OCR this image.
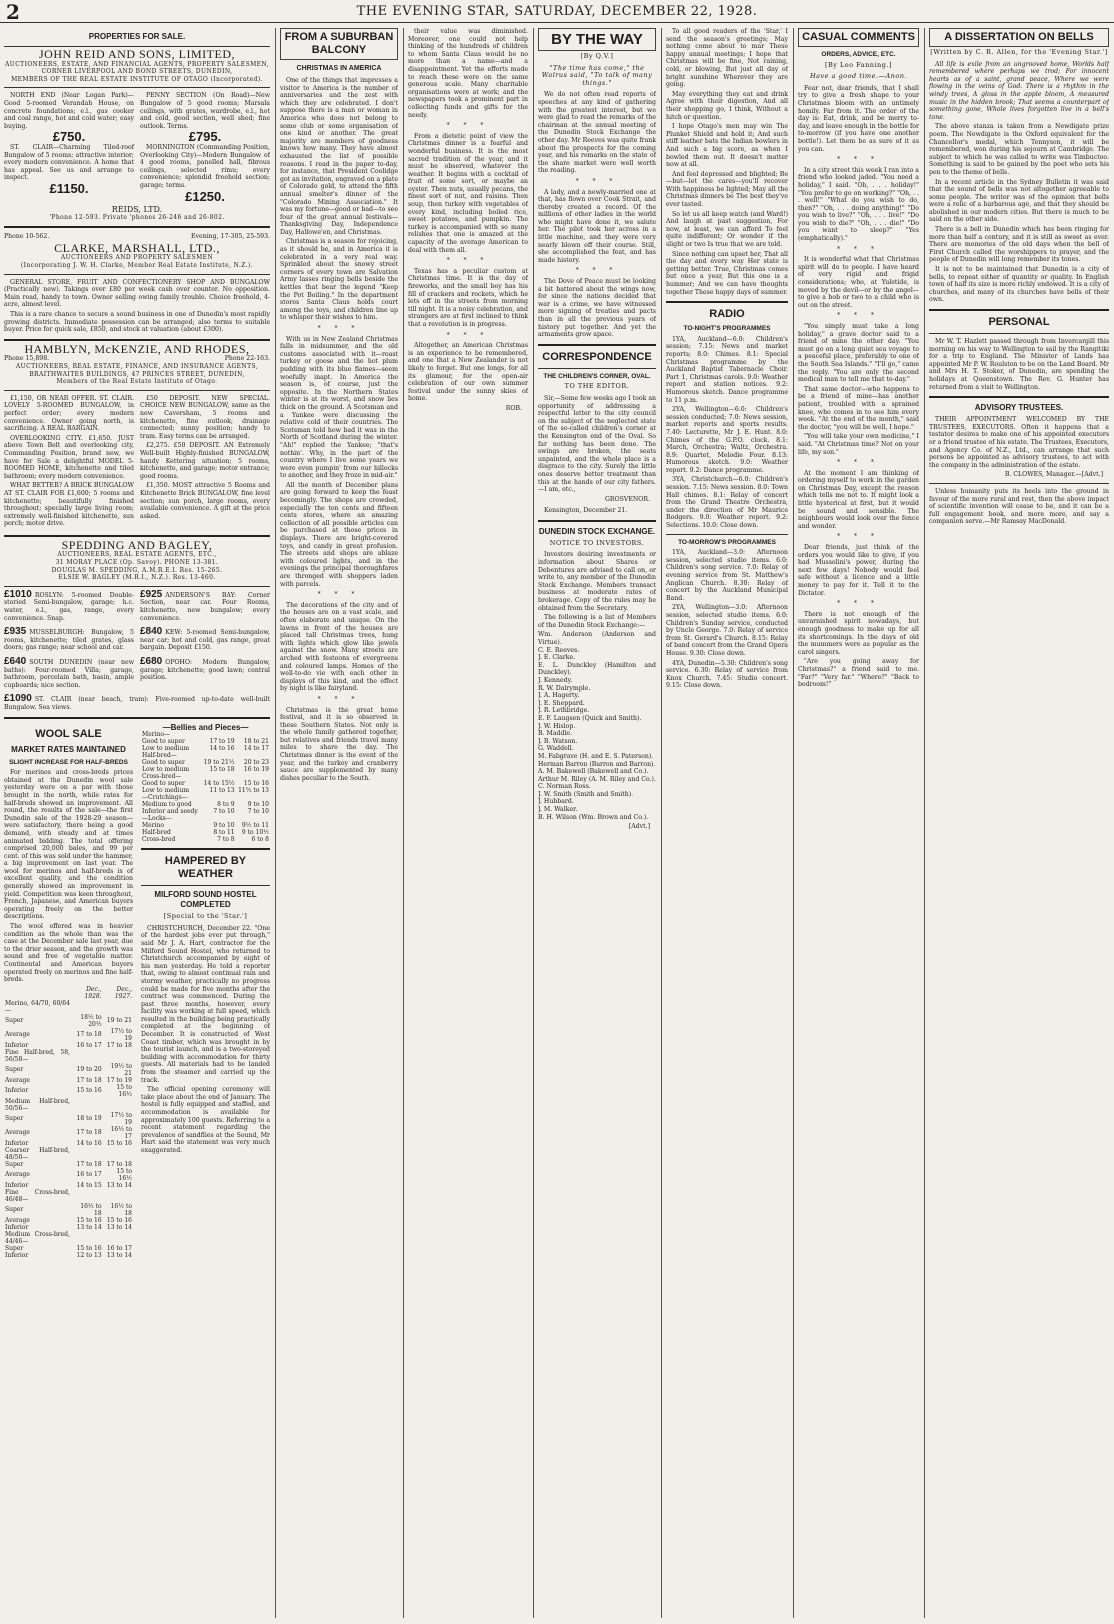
2	THE EVENING STAR, SATURDAY, DECEMBER 22, 1928.
PROPERTIES FOR SALE.
JOHN REID AND SONS, LIMITED,
AUCTIONEERS, ESTATE, AND FINANCIAL AGENTS, PROPERTY SALESMEN,
CORNER LIVERPOOL AND BOND STREETS, DUNEDIN,
MEMBERS OF THE REAL ESTATE INSTITUTE OF OTAGO (Incorporated).

NORTH END (Near Logan Park)—Good 5-roomed Verandah House, on concrete foundations; e.l., gas cooker and coal range, hot and cold water; easy buying.

£750.

ST. CLAIR—Charming Tiled-roof Bungalow of 5 rooms; attractive interior; every modern convenience. A home that has appeal. See us and arrange to inspect.

£1150.

PENNY SECTION (On Road)—New Bungalow of 5 good rooms; Marsala ceilings, with grates, wardrobe, e.l., hot and cold, good section, well shed; fine outlook. Terms.

£795.

MORNINGTON (Commanding Position, Overlooking City)—Modern Bungalow of 4 good rooms, panelled hall, fibrous ceilings, selected rimu; every convenience; splendid freehold section; garage; terms.

£1250.
REIDS, LTD.
'Phone 12-593. Private 'phones 26-246 and 26-802.
Phone 10-562.	Evening, 17-305, 25-593.
CLARKE, MARSHALL, LTD.,
AUCTIONEERS AND PROPERTY SALESMEN
(Incorporating J. W. H. Clarke, Member Real Estate Institute, N.Z.).

GENERAL STORE, FRUIT AND CONFECTIONERY SHOP AND BUNGALOW (Practically new). Takings over £80 per week cash over counter. No opposition. Main road, handy to town. Owner selling owing family trouble. Choice freehold, 4-acre, almost level.

This is a rare chance to secure a sound business in one of Dunedin's most rapidly growing districts. Immediate possession can be arranged; also terms to suitable buyer. Price for quick sale, £850, and stock at valuation (about £300).

HAMBLYN, McKENZIE, AND RHODES,
Phone 15,898.	Phone 22-163.
AUCTIONEERS, REAL ESTATE, FINANCE, AND INSURANCE AGENTS,
BRAITHWAITES BUILDINGS, 47 PRINCES STREET, DUNEDIN,
Members of the Real Estate Institute of Otago.

£1,150, OR NEAR OFFER. ST. CLAIR. LOVELY 5-ROOMED BUNGALOW, in perfect order; every modern convenience. Owner going north, is sacrificing. A REAL BARGAIN.

OVERLOOKING CITY. £1,650. JUST above Town Belt and overlooking city, Commanding Position, brand new, we have for Sale a delightful MODEL 5-ROOMED HOME, kitchenette and tiled bathroom; every modern convenience.

WHAT BETTER? A BRICK BUNGALOW AT ST. CLAIR FOR £1,600; 5 rooms and kitchenette; beautifully finished throughout; specially large living room; extremely well-finished kitchenette, sun porch; motor drive.

£50 DEPOSIT. NEW SPECIAL. CHOICE NEW BUNGALOW, same as the new Caversham, 5 rooms and kitchenette, fine outlook; drainage connected; sunny position; handy to tram. Easy terms can be arranged.

£2,275. £50 DEPOSIT. AN Extremely Well-built Highly-finished BUNGALOW, handy Kettering situation; 5 rooms, kitchenette, and garage; motor entrance; good rooms.

£1,350. MOST attractive 5 Rooms and Kitchenette Brick BUNGALOW, fine level section; sun porch, large rooms, every available convenience. A gift at the price asked.

SPEDDING AND BAGLEY,
AUCTIONEERS, REAL ESTATE AGENTS, ETC.,
31 MORAY PLACE (Op. Savoy). PHONE 13-381.
DOUGLAS M. SPEDDING, A.M.R.E.I. Res. 15-265.
ELSIE W. BAGLEY (M.R.I., N.Z.). Res. 13-460.
£1010 ROSLYN: 5-roomed Double-storied Semi-bungalow, garage; h.c. water, e.l., gas, range, every convenience. Snap.
£925 ANDERSON'S BAY: Corner Section, near car. Four Rooms, kitchenette, new bungalow; every convenience.
£935 MUSSELBURGH: Bungalow, 5 rooms, kitchenette; tiled grates, glass doors; gas range; near school and car.
£840 KEW: 5-roomed Semi-bungalow, near car; hot and cold, gas range, great bargain. Deposit £150.
£640 SOUTH DUNEDIN (near new baths): Four-roomed Villa; garage, bathroom, porcelain bath, basin, ample cupboards; nice section.
£680 OPOHO: Modern Bungalow, garage; kitchenette; good lawn; central position.
£1090 ST. CLAIR (near beach, tram): Five-roomed up-to-date well-built Bungalow. Sea views.
WOOL SALE
MARKET RATES MAINTAINED
SLIGHT INCREASE FOR HALF-BREDS

For merinos and cross-breds prices obtained at the Dunedin wool sale yesterday were on a par with those brought in the north, while rates for half-breds showed an improvement. All round, the results of the sale—the first Dunedin sale of the 1928-29 season—were satisfactory, there being a good demand, with steady and at times animated bidding. The total offering comprised 20,000 bales, and 99 per cent. of this was sold under the hammer, a big improvement on last year. The wool for merinos and half-breds is of excellent quality, and the condition generally showed an improvement in yield. Competition was keen throughout, French, Japanese, and American buyers operating freely on the better descriptions.

The wool offered was in heavier condition as the whole than was the case at the December sale last year, due to the drier season, and the growth was sound and free of vegetable matter. Continental and American buyers operated freely on merinos and fine half-breds.

	Dec., 1928.	Dec., 1927.
Merino, 64/70, 60/64—		
Super	18½ to 20½	19 to 21
Average	17 to 18	17½ to 19
Inferior	16 to 17	17 to 18
Fine Half-bred, 58, 56/58—		
Super	19 to 20	19½ to 21
Average	17 to 18	17 to 19
Inferior	15 to 16	15 to 16½
Medium Half-bred, 50/56—		
Super	18 to 19	17½ to 19
Average	17 to 18	16½ to 17
Inferior	14 to 16	15 to 16
Coarser Half-bred, 48/50—		
Super	17 to 18	17 to 18
Average	16 to 17	15 to 16½
Inferior	14 to 15	13 to 14
Fine Cross-bred, 46/48—		
Super	16½ to 18	16½ to 18
Average	15 to 16	15 to 16
Inferior	13 to 14	13 to 14
Medium Cross-bred, 44/46—		
Super	15 to 16	16 to 17
Inferior	12 to 13	13 to 14
—Bellies and Pieces—
Merino—		
Good to super	17 to 19	18 to 21
Low to medium	14 to 16	14 to 17
Half-bred—		
Good to super	19 to 21½	20 to 23
Low to medium	15 to 18	16 to 19
Cross-bred—		
Good to super	14 to 15½	15 to 16
Low to medium	11 to 13	11½ to 13
—Crutchings—		
Medium to good	8 to 9	9 to 10
Inferior and seedy	7 to 10	7 to 10
—Locks—		
Merino	9 to 10	9½ to 11
Half-bred	8 to 11	9 to 10½
Cross-bred	7 to 8	6 to 8
HAMPERED BY WEATHER
MILFORD SOUND HOSTEL COMPLETED
[Special to the 'Star.']

CHRISTCHURCH, December 22. "One of the hardest jobs ever put through," said Mr J. A. Hart, contractor for the Milford Sound Hostel, who returned to Christchurch accompanied by eight of his men yesterday. He told a reporter that, owing to almost continual rain and stormy weather, practically no progress could be made for five months after the contract was commenced. During the past three months, however, every facility was working at full speed, which resulted in the building being practically completed at the beginning of December. It is constructed of West Coast timber, which was brought in by the tourist launch, and is a two-storeyed building with accommodation for thirty guests. All materials had to be landed from the steamer and carried up the track.

The official opening ceremony will take place about the end of January. The hostel is fully equipped and staffed, and accommodation is available for approximately 100 guests. Referring to a recent statement regarding the prevalence of sandflies at the Sound, Mr Hart said the statement was very much exaggerated.

FROM A SUBURBAN BALCONY
CHRISTMAS IN AMERICA

One of the things that impresses a visitor to America is the number of anniversaries and the zest with which they are celebrated. I don't suppose there is a man or woman in America who does not belong to some club or some organisation of one kind or another. The great majority are members of goodness knows how many. They have almost exhausted the list of possible reasons. I read in the paper to-day, for instance, that President Coolidge got an invitation, engraved on a plate of Colorado gold, to attend the fifth annual smelter's dinner of the "Colorado Mining Association." It was my fortune—good or bad—to see four of the great annual festivals—Thanksgiving Day, Independence Day, Hallowe'en, and Christmas.

Christmas is a season for rejoicing, as it should be, and in America it is celebrated in a very real way. Sprinkled about the snowy street corners of every town are Salvation Army lasses ringing bells beside the kettles that bear the legend "Keep the Pot Boiling." In the department stores Santa Claus holds court among the toys, and children line up to whisper their wishes to him.

* * *

With us in New Zealand Christmas falls in midsummer, and the old customs associated with it—roast turkey or goose and the hot plum pudding with its blue flames—seem woefully inapt. In America the season is, of course, just the opposite. In the Northern States winter is at its worst, and snow lies thick on the ground. A Scotsman and a Yankee were discussing the relative cold of their countries. The Scotsman told how bad it was in the North of Scotland during the winter. "Ah!" replied the Yankee; "that's nothin'. Why, in the part of the country where I live some years we were even pumpin' from our hillocks to another, and they froze in mid-air."

All the month of December plans are going forward to keep the feast becomingly. The shops are crowded, especially the ten cents and fifteen cents stores, where an amazing collection of all possible articles can be purchased at those prices in displays. There are bright-covered toys, and candy in great profusion. The streets and shops are ablaze with coloured lights, and in the evenings the principal thoroughfares are thronged with shoppers laden with parcels.

* * *

The decorations of the city and of the houses are on a vast scale, and often elaborate and unique. On the lawns in front of the houses are placed tall Christmas trees, hung with lights which glow like jewels against the snow. Many streets are arched with festoons of evergreens and coloured lamps. Homes of the well-to-do vie with each other in displays of this kind, and the effect by night is like fairyland.

* * *

Christmas is the great home festival, and it is so observed in these Southern States. Not only is the whole family gathered together, but relatives and friends travel many miles to share the day. The Christmas dinner is the event of the year, and the turkey and cranberry sauce are supplemented by many dishes peculiar to the South.

their value was diminished. Moreover, one could not help thinking of the hundreds of children to whom Santa Claus would be no more than a name—and a disappointment. Yet the efforts made to reach these were on the same generous scale. Many charitable organisations were at work; and the newspapers took a prominent part in collecting funds and gifts for the needy.

* * *

From a dietetic point of view the Christmas dinner is a fearful and wonderful business. It is the most sacred tradition of the year, and it must be observed, whatever the weather. It begins with a cocktail of fruit of some sort, or maybe an oyster. Then nuts, usually pecans, the finest sort of nut, and raisins. Then soup, then turkey with vegetables of every kind, including boiled rice, sweet potatoes, and pumpkin. The turkey is accompanied with so many relishes that one is amazed at the capacity of the average American to deal with them all.

* * *

Texas has a peculiar custom at Christmas time. It is the day of fireworks, and the small boy has his fill of crackers and rockets, which he lets off in the streets from morning till night. It is a noisy celebration, and strangers are at first inclined to think that a revolution is in progress.

* * *

Altogether, an American Christmas is an experience to be remembered, and one that a New Zealander is not likely to forget. But one longs, for all its glamour, for the open-air celebration of our own summer festival under the sunny skies of home.

ROB.
BY THE WAY
[By Q.V.]
"The time has come," the Walrus said, "To talk of many things."

We do not often read reports of speeches at any kind of gathering with the greatest interest, but we were glad to read the remarks of the chairman at the annual meeting of the Dunedin Stock Exchange the other day. Mr Reeves was quite frank about the prospects for the coming year, and his remarks on the state of the share market were well worth the reading.

* * *

A lady, and a newly-married one at that, has flown over Cook Strait, and thereby created a record. Of the millions of other ladies in the world who might have done it, we salute her. The pilot took her across in a little machine, and they were very nearly blown off their course. Still, she accomplished the feat, and has made history.

* * *

The Dove of Peace must be looking a bit battered about the wings now, for since the nations decided that war is a crime, we have witnessed more signing of treaties and pacts than in all the previous years of history put together. And yet the armaments grow apace.

CORRESPONDENCE
THE CHILDREN'S CORNER, OVAL.
TO THE EDITOR.

Sir,—Some few weeks ago I took an opportunity of addressing a respectful letter to the city council on the subject of the neglected state of the so-called children's corner at the Kensington end of the Oval. So far nothing has been done. The swings are broken, the seats unpainted, and the whole place is a disgrace to the city. Surely the little ones deserve better treatment than this at the hands of our city fathers.—I am, etc.,

GROSVENOR.

Kensington, December 21.

DUNEDIN STOCK EXCHANGE.
NOTICE TO INVESTORS.

Investors desiring investments or information about Shares or Debentures are advised to call on, or write to, any member of the Dunedin Stock Exchange. Members transact business at moderate rates of brokerage. Copy of the rules may be obtained from the Secretary.

The following is a list of Members of the Dunedin Stock Exchange:—

Wm. Anderson (Anderson and Virtue).
C. E. Reeves.
J. E. Clarke.
E. L. Dunckley (Hamilton and Dunckley).
J. Kennedy.
R. W. Dalrymple.
J. A. Hagerty.
J. E. Sheppard.
J. R. Lethbridge.
E. F. Laugsen (Quick and Smith).
J. W. Hislop.
B. Maddle.
J. B. Watson.
G. Waddell.
M. Fabgrave (H. and E. S. Paterson).
Herman Barron (Barron and Barron).
A. M. Bakewell (Bakewell and Co.).
Arthur M. Riley (A. M. Riley and Co.).
C. Norman Ross.
J. W. Smith (Smith and Smith).
J. Hubbard.
J. M. Walker.
B. H. Wilson (Wm. Brown and Co.).
[Advt.]

To all good readers of the 'Star,' I send the season's greetings; May nothing come about to mar These happy annual meetings; I hope that Christmas will be fine, Not raining, cold, or blowing, But just all day of bright sunshine Wherever they are going.

May everything they eat and drink Agree with their digestion, And all their shopping go, I think, Without a hitch or question.

I hope Otago's men may win The Plunket Shield and hold it; And such stiff leather bats the Indian bowlers in And such a big score, as when I bowled them out. It doesn't matter now at all.

And feel depressed and blighted; Be—but—let the cares—you'll recover With happiness be lighted; May all the Christmas dinners be The best they've ever tasted.

So let us all keep watch (and Ward!) And laugh at past suggestion, For now, at least, we can afford To feel quite indifferent; Or wonder if the slight or two Is true that we are told.

Since nothing can upset her, That all the day and every way Her state is getting better. True, Christmas comes but once a year, But this one is a hummer; And we can have thoughts together These happy days of summer.

RADIO
TO-NIGHT'S PROGRAMMES

1YA, Auckland—6.0: Children's session; 7.15: News and market reports; 8.0: Chimes. 8.1: Special Christmas programme by the Auckland Baptist Tabernacle Choir. Part 1, Christmas carols. 9.0: Weather report and station notices. 9.2: Humorous sketch. Dance programme to 11 p.m.

2YA, Wellington—6.0: Children's session conducted; 7.0: News session, market reports and sports results. 7.40: Lecturette, Mr J. E. Hunt. 8.0: Chimes of the G.P.O. clock. 8.1: March, Orchestra; Waltz, Orchestra. 8.9: Quartet, Melodie Four. 8.13: Humorous sketch. 9.0: Weather report. 9.2: Dance programme.

3YA, Christchurch—6.0: Children's session. 7.15: News session. 8.0: Town Hall chimes. 8.1: Relay of concert from the Grand Theatre Orchestra, under the direction of Mr Maurice Rodgers. 9.0: Weather report. 9.2: Selections. 10.0: Close down.

TO-MORROW'S PROGRAMMES

1YA, Auckland—3.0: Afternoon session, selected studio items. 6.0: Children's song service. 7.0: Relay of evening service from St. Matthew's Anglican Church. 8.30: Relay of concert by the Auckland Municipal Band.

2YA, Wellington—3.0: Afternoon session, selected studio items. 6.0: Children's Sunday service, conducted by Uncle George. 7.0: Relay of service from St. Gerard's Church. 8.15: Relay of band concert from the Grand Opera House. 9.30: Close down.

4YA, Dunedin—5.30: Children's song service. 6.30: Relay of service from Knox Church. 7.45: Studio concert. 9.15: Close down.

CASUAL COMMENTS
ORDERS, ADVICE, ETC.
[By Leo Fanning.]
Have a good time.—Anon.

Fear not, dear friends, that I shall try to give a fresh shape to your Christmas bloom with an untimely homily. Far from it. The order of the day is: Eat, drink, and be merry to-day, and leave enough in the bottle for to-morrow (if you have one another bottle!). Let them be as sure of it as you can.

* * *

In a city street this week I ran into a friend who looked jaded. "You need a holiday," I said. "Oh, . . . holiday!" "You prefer to go on working?" "Oh, . . . well!" "What do you wish to do, then?" "Oh, . . . doing anything!" "Do you wish to live?" "Oh, . . . live!" "Do you wish to die?" "Oh, . . . die!" "Do you want to sleep?" "Yes (emphatically)."

* * *

It is wonderful what that Christmas spirit will do to people. I have heard of very rigid and frigid considerations; who, at Yuletide, is moved by the devil—or by the angel—to give a bob or two to a child who is out on the street.

* * *

"You simply must take a long holiday," a grave doctor said to a friend of mine the other day. "You must go on a long quiet sea voyage to a peaceful place, preferably to one of the South Sea Islands." "I'll go," came the reply. "You are only the second medical man to tell me that to-day."

That same doctor—who happens to be a friend of mine—has another patient, troubled with a sprained knee, who comes in to see him every week. "At the end of the month," said the doctor, "you will be well, I hope."

"You will take your own medicine," I said. "At Christmas time? Not on your life, my son."

* * *

At the moment I am thinking of ordering myself to work in the garden on Christmas Day, except the reason which tells me not to. It might look a little hysterical at first, but it would be sound and sensible. The neighbours would look over the fence and wonder.

* * *

Dear friends, just think of the orders you would like to give, if you had Mussolini's power, during the next few days! Nobody would feel safe without a licence and a little money to pay for it. Tell it to the Dictator.

* * *

There is not enough of the unvarnished spirit nowadays, but enough goodness to make up for all its shortcomings. In the days of old the mummers were as popular as the carol singers.

"Are you going away for Christmas?" a friend said to me. "Far?" "Very far." "Where?" "Back to bedroom!"

A DISSERTATION ON BELLS
[Written by C. R. Allen, for the 'Evening Star.']

All life is exile from an ungrooved home, Worlds half remembered where perhaps we trod; For innocent hearts as of a saint, grand peace, Where we were flowing in the veins of God. There is a rhythm in the windy trees, A gloss in the apple bloom, A measured music in the hidden brook; That seems a counterpart of something gone, Whole lives forgotten live in a bell's tone.

The above stanza is taken from a Newdigate prize poem. The Newdigate is the Oxford equivalent for the Chancellor's medal, which Tennyson, it will be remembered, won during his sojourn at Cambridge. The subject to which he was called to write was Timbuctoo. Something is said to be gained by the poet who sets his pen to the theme of bells.

In a recent article in the Sydney Bulletin it was said that the sound of bells was not altogether agreeable to some people. The writer was of the opinion that bells were a relic of a barbarous age, and that they should be abolished in our modern cities. But there is much to be said on the other side.

There is a bell in Dunedin which has been ringing for more than half a century, and it is still as sweet as ever. There are memories of the old days when the bell of First Church called the worshippers to prayer, and the people of Dunedin will long remember its tones.

It is not to be maintained that Dunedin is a city of bells, to repeat either of quantity or quality. In English town of half its size is more richly endowed. It is a city of churches, and many of its churches have bells of their own.

PERSONAL

Mr W. T. Hazlett passed through from Invercargill this morning on his way to Wellington to sail by the Rangitiki for a trip to England. The Minister of Lands has appointed Mr P. W. Roulston to be on the Land Board. Mr and Mrs H. T. Stoker, of Dunedin, are spending the holidays at Queenstown. The Rev. G. Hunter has returned from a visit to Wellington.

ADVISORY TRUSTEES.

THEIR APPOINTMENT WELCOMED BY THE TRUSTEES, EXECUTORS. Often it happens that a testator desires to make one of his appointed executors or a friend trustee of his estate. The Trustees, Executors, and Agency Co. of N.Z., Ltd., can arrange that such persons be appointed as advisory trustees, to act with the company in the administration of the estate.

B. CLOWES, Manager.—[Advt.]

Unless humanity puts its heels into the ground in favour of the more rural and rest, then the above impact of scientific invention will cease to be, and it can be a full engagement book, and more more, and say a companion serve.—Mr Ramsay MacDonald.
